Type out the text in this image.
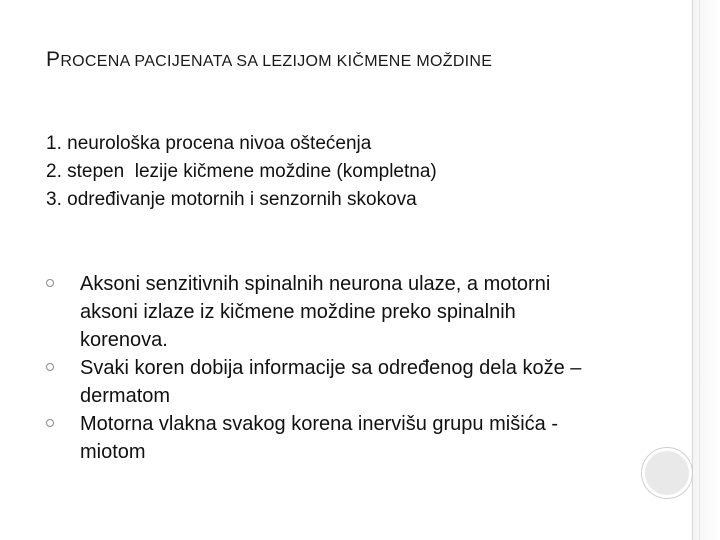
PROCENA PACIJENATA SA LEZIJOM KIČMENE MOŽDINE
1. neurološka procena nivoa oštećenja
2. stepen  lezije kičmene moždine (kompletna)
3. određivanje motornih i senzornih skokova
Aksoni senzitivnih spinalnih neurona ulaze, a motorni aksoni izlaze iz kičmene moždine preko spinalnih korenova.
Svaki koren dobija informacije sa određenog dela kože – dermatom
Motorna vlakna svakog korena inervišu grupu mišića - miotom
